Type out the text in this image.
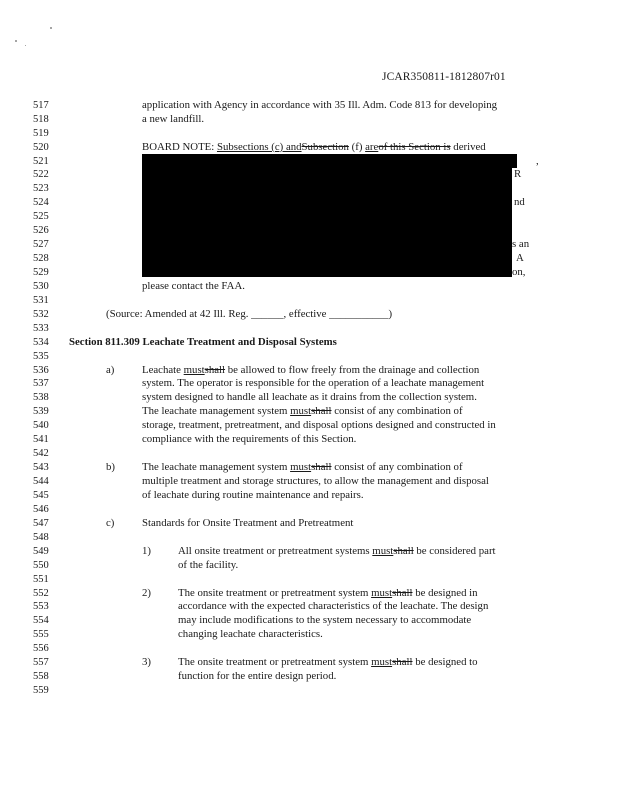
JCAR350811-1812807r01
517
518
519
520
521
522
523
524
525
526
527
528
529
530
531
532
533
534
535
536
537
538
539
540
541
542
543
544
545
546
547
548
549
550
551
552
553
554
555
556
557
558
559
application with Agency in accordance with 35 Ill. Adm. Code 813 for developing
a new landfill.
BOARD NOTE: Subsections (c) andSubsection (f) areof this Section is derived
,
R
nd
s an
A
on,
please contact the FAA.
(Source: Amended at 42 Ill. Reg. ______, effective ___________)
Section 811.309 Leachate Treatment and Disposal Systems
a)	Leachate mustshall be allowed to flow freely from the drainage and collection
system. The operator is responsible for the operation of a leachate management
system designed to handle all leachate as it drains from the collection system.
The leachate management system mustshall consist of any combination of
storage, treatment, pretreatment, and disposal options designed and constructed in
compliance with the requirements of this Section.
b)	The leachate management system mustshall consist of any combination of
multiple treatment and storage structures, to allow the management and disposal
of leachate during routine maintenance and repairs.
c)	Standards for Onsite Treatment and Pretreatment
1)	All onsite treatment or pretreatment systems mustshall be considered part
of the facility.
2)	The onsite treatment or pretreatment system mustshall be designed in
accordance with the expected characteristics of the leachate. The design
may include modifications to the system necessary to accommodate
changing leachate characteristics.
3)	The onsite treatment or pretreatment system mustshall be designed to
function for the entire design period.
